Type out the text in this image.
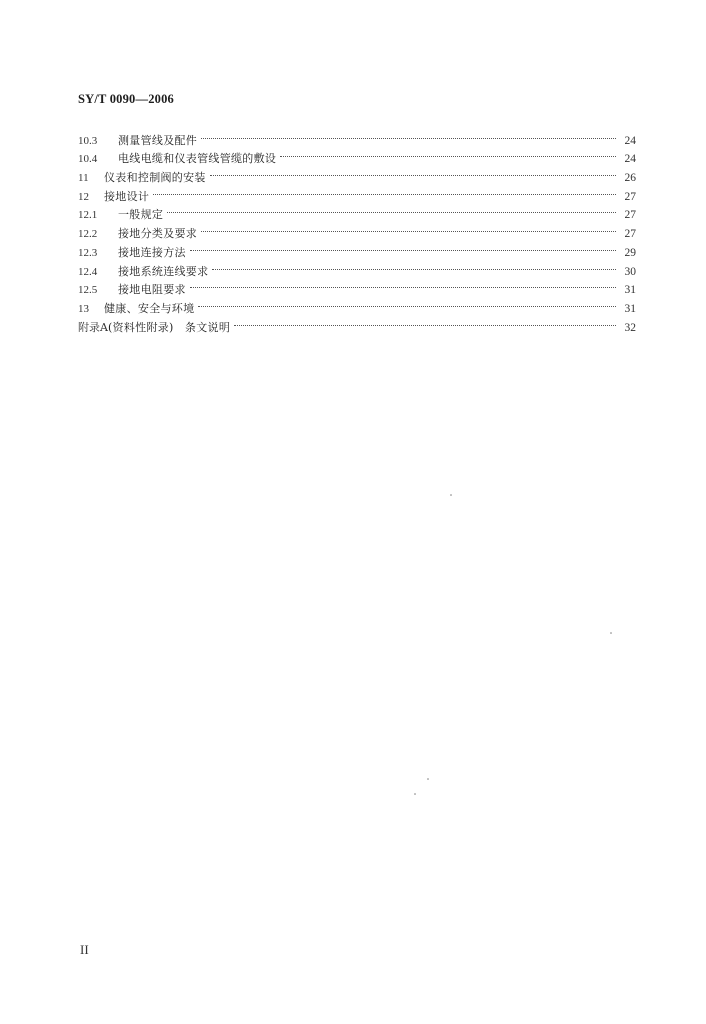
SY/T 0090—2006
10.3	测量管线及配件	24
10.4	电线电缆和仪表管线管缆的敷设	24
11	仪表和控制阀的安装	26
12	接地设计	27
12.1	一般规定	27
12.2	接地分类及要求	27
12.3	接地连接方法	29
12.4	接地系统连线要求	30
12.5	接地电阻要求	31
13	健康、安全与环境	31
附录A (资料性附录)　条文说明	32
II
